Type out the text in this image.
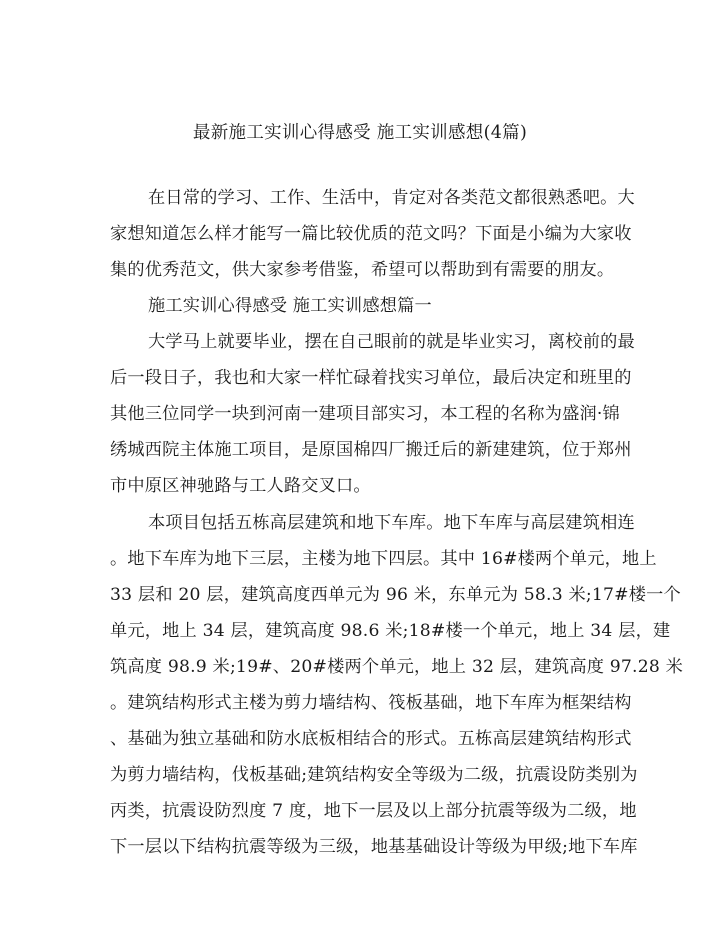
最新施工实训心得感受 施工实训感想(4篇)
在日常的学习、工作、生活中，肯定对各类范文都很熟悉吧。大
家想知道怎么样才能写一篇比较优质的范文吗？下面是小编为大家收
集的优秀范文，供大家参考借鉴，希望可以帮助到有需要的朋友。
施工实训心得感受 施工实训感想篇一
大学马上就要毕业，摆在自己眼前的就是毕业实习，离校前的最
后一段日子，我也和大家一样忙碌着找实习单位，最后决定和班里的
其他三位同学一块到河南一建项目部实习，本工程的名称为盛润·锦
绣城西院主体施工项目，是原国棉四厂搬迁后的新建建筑，位于郑州
市中原区神驰路与工人路交叉口。
本项目包括五栋高层建筑和地下车库。地下车库与高层建筑相连
。地下车库为地下三层，主楼为地下四层。其中 16#楼两个单元，地上
33 层和 20 层，建筑高度西单元为 96 米，东单元为 58.3 米;17#楼一个
单元，地上 34 层，建筑高度 98.6 米;18#楼一个单元，地上 34 层，建
筑高度 98.9 米;19#、20#楼两个单元，地上 32 层，建筑高度 97.28 米
。建筑结构形式主楼为剪力墙结构、筏板基础，地下车库为框架结构
、基础为独立基础和防水底板相结合的形式。五栋高层建筑结构形式
为剪力墙结构，伐板基础;建筑结构安全等级为二级，抗震设防类别为
丙类，抗震设防烈度 7 度，地下一层及以上部分抗震等级为二级，地
下一层以下结构抗震等级为三级，地基基础设计等级为甲级;地下车库
